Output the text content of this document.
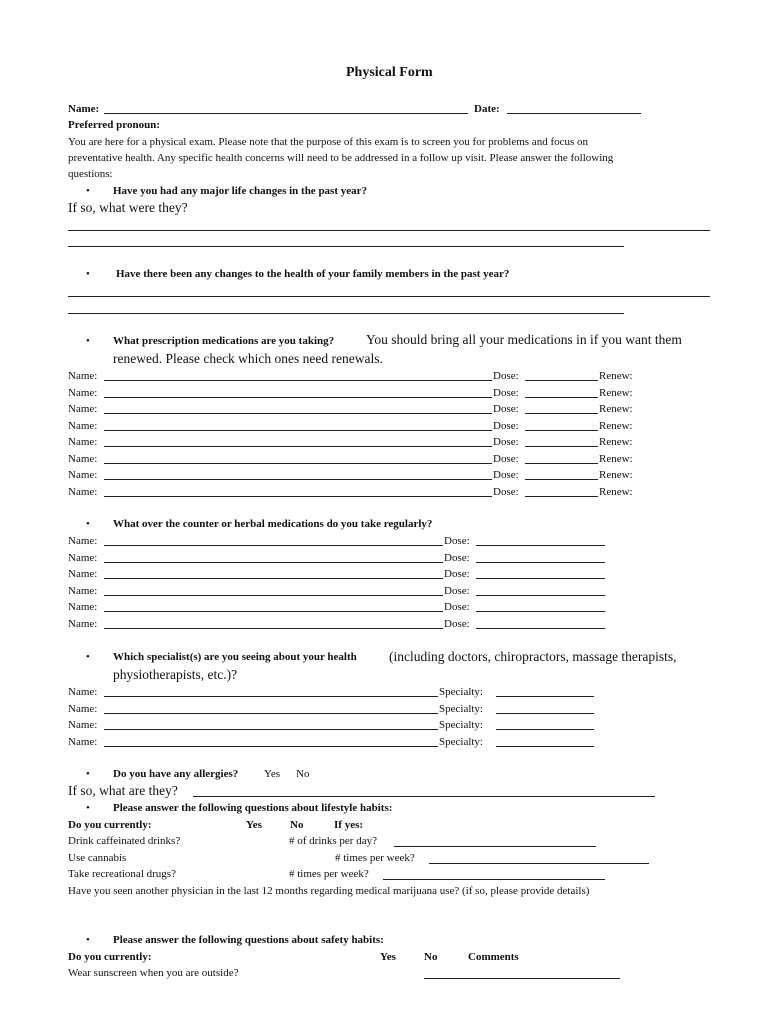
Physical Form
Name:	Date:
Preferred pronoun:
You are here for a physical exam. Please note that the purpose of this exam is to screen you for problems and focus on
preventative health. Any specific health concerns will need to be addressed in a follow up visit. Please answer the following
questions:
• Have you had any major life changes in the past year?
If so, what were they?
• Have there been any changes to the health of your family members in the past year?
• What prescription medications are you taking? You should bring all your medications in if you want them
renewed. Please check which ones need renewals.
Name:	Dose:	Renew:
Name:	Dose:	Renew:
Name:	Dose:	Renew:
Name:	Dose:	Renew:
Name:	Dose:	Renew:
Name:	Dose:	Renew:
Name:	Dose:	Renew:
Name:	Dose:	Renew:
• What over the counter or herbal medications do you take regularly?
Name:	Dose:
Name:	Dose:
Name:	Dose:
Name:	Dose:
Name:	Dose:
Name:	Dose:
• Which specialist(s) are you seeing about your health (including doctors, chiropractors, massage therapists,
physiotherapists, etc.)?
Name:	Specialty:
Name:	Specialty:
Name:	Specialty:
Name:	Specialty:
• Do you have any allergies? Yes No
If so, what are they?
• Please answer the following questions about lifestyle habits:
Do you currently:	Yes	No	If yes:
Drink caffeinated drinks?	# of drinks per day?
Use cannabis	# times per week?
Take recreational drugs?	# times per week?
Have you seen another physician in the last 12 months regarding medical marijuana use? (if so, please provide details)
• Please answer the following questions about safety habits:
Do you currently:	Yes	No	Comments
Wear sunscreen when you are outside?
